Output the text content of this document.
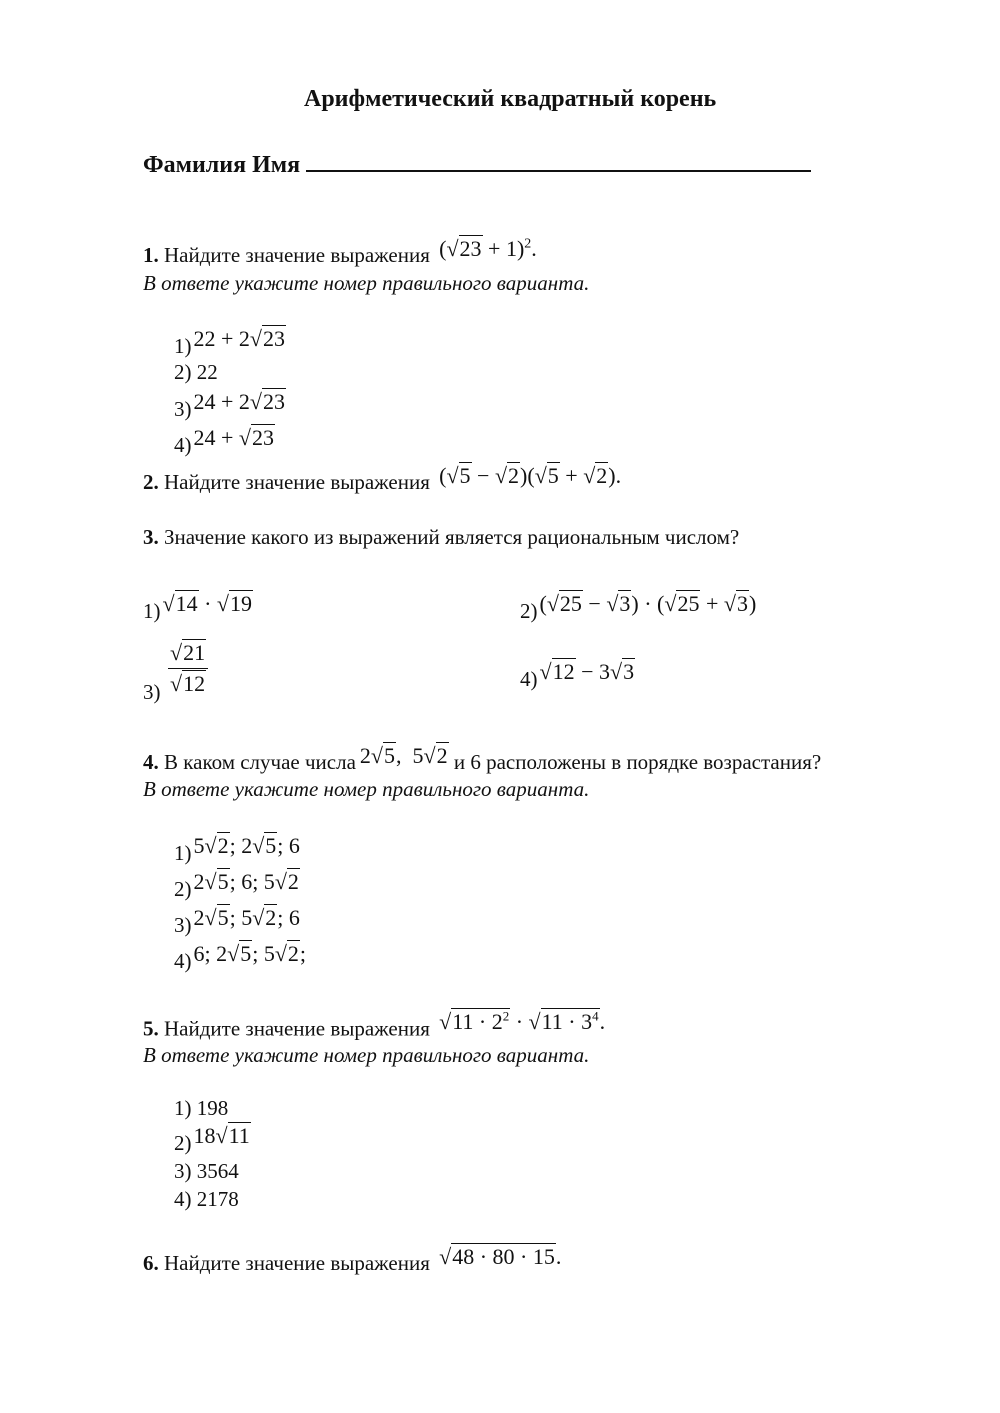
Арифметический квадратный корень
Фамилия Имя
1. Найдите значение выражения $(√23 + 1)^2$.
В ответе укажите номер правильного варианта.
1)22 + 2√23
2) 22
3)24 + 2√23
4)24 + √23
2. Найдите значение выражения (√5 − √2)(√5 + √2).
3. Значение какого из выражений является рациональным числом?
1)√14 · √19	2)(√25 − √3) · (√25 + √3)
$3) \frac{√21}{√12}$	4)√12 − 3√3
4. В каком случае числа 2√5,  5√2 и 6 расположены в порядке возрастания?
В ответе укажите номер правильного варианта.
1)5√2; 2√5; 6
2)2√5; 6; 5√2
3)2√5; 5√2; 6
4)6; 2√5; 5√2;
5. Найдите значение выражения $√11 \cdot 2^2 \cdot √11 \cdot 3^4$.
В ответе укажите номер правильного варианта.
1) 198
2)18√11
3) 3564
4) 2178
6. Найдите значение выражения √48 · 80 · 15.
